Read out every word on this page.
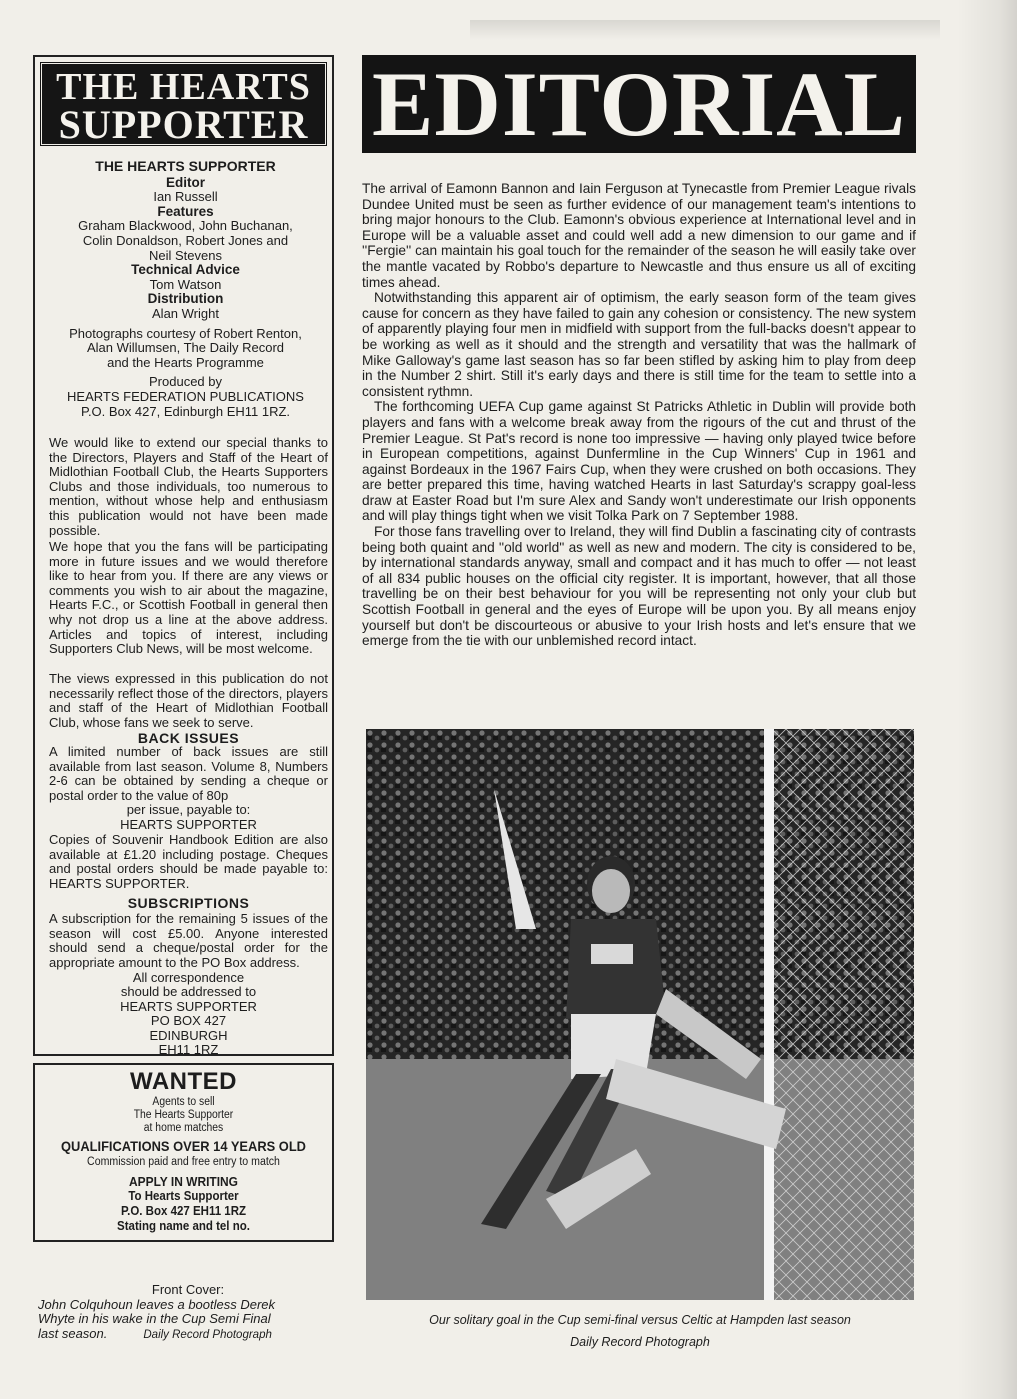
THE HEARTS
SUPPORTER
THE HEARTS SUPPORTER
Editor
Ian Russell
Features
Graham Blackwood, John Buchanan,
Colin Donaldson, Robert Jones and
Neil Stevens
Technical Advice
Tom Watson
Distribution
Alan Wright
Photographs courtesy of Robert Renton,
Alan Willumsen, The Daily Record
and the Hearts Programme
Produced by
HEARTS FEDERATION PUBLICATIONS
P.O. Box 427, Edinburgh EH11 1RZ.
We would like to extend our special thanks to the Directors, Players and Staff of the Heart of Midlothian Football Club, the Hearts Supporters Clubs and those individuals, too numerous to mention, without whose help and enthusiasm this publication would not have been made possible.
We hope that you the fans will be participating more in future issues and we would therefore like to hear from you. If there are any views or comments you wish to air about the magazine, Hearts F.C., or Scottish Football in general then why not drop us a line at the above address. Articles and topics of interest, including Supporters Club News, will be most welcome.
The views expressed in this publication do not necessarily reflect those of the directors, players and staff of the Heart of Midlothian Football Club, whose fans we seek to serve.
BACK ISSUES
A limited number of back issues are still available from last season. Volume 8, Numbers 2-6 can be obtained by sending a cheque or postal order to the value of 80p
per issue, payable to:
HEARTS SUPPORTER
Copies of Souvenir Handbook Edition are also available at £1.20 including postage. Cheques and postal orders should be made payable to: HEARTS SUPPORTER.
SUBSCRIPTIONS
A subscription for the remaining 5 issues of the season will cost £5.00. Anyone interested should send a cheque/postal order for the appropriate amount to the PO Box address.
All correspondence
should be addressed to
HEARTS SUPPORTER
PO BOX 427
EDINBURGH
EH11 1RZ
WANTED
Agents to sell
The Hearts Supporter
at home matches
QUALIFICATIONS OVER 14 YEARS OLD
Commission paid and free entry to match
APPLY IN WRITING
To Hearts Supporter
P.O. Box 427 EH11 1RZ
Stating name and tel no.
Front Cover:
John Colquhoun leaves a bootless Derek
Whyte in his wake in the Cup Semi Final
last season.	Daily Record Photograph
EDITORIAL

The arrival of Eamonn Bannon and Iain Ferguson at Tynecastle from Premier League rivals Dundee United must be seen as further evidence of our management team's intentions to bring major honours to the Club. Eamonn's obvious experience at International level and in Europe will be a valuable asset and could well add a new dimension to our game and if ''Fergie'' can maintain his goal touch for the remainder of the season he will easily take over the mantle vacated by Robbo's departure to Newcastle and thus ensure us all of exciting times ahead.

Notwithstanding this apparent air of optimism, the early season form of the team gives cause for concern as they have failed to gain any cohesion or consistency. The new system of apparently playing four men in midfield with support from the full-backs doesn't appear to be working as well as it should and the strength and versatility that was the hallmark of Mike Galloway's game last season has so far been stifled by asking him to play from deep in the Number 2 shirt. Still it's early days and there is still time for the team to settle into a consistent rythmn.

The forthcoming UEFA Cup game against St Patricks Athletic in Dublin will provide both players and fans with a welcome break away from the rigours of the cut and thrust of the Premier League. St Pat's record is none too impressive — having only played twice before in European competitions, against Dunfermline in the Cup Winners' Cup in 1961 and against Bordeaux in the 1967 Fairs Cup, when they were crushed on both occasions. They are better prepared this time, having watched Hearts in last Saturday's scrappy goal-less draw at Easter Road but I'm sure Alex and Sandy won't underestimate our Irish opponents and will play things tight when we visit Tolka Park on 7 September 1988.

For those fans travelling over to Ireland, they will find Dublin a fascinating city of contrasts being both quaint and ''old world'' as well as new and modern. The city is considered to be, by international standards anyway, small and compact and it has much to offer — not least of all 834 public houses on the official city register. It is important, however, that all those travelling be on their best behaviour for you will be representing not only your club but Scottish Football in general and the eyes of Europe will be upon you. By all means enjoy yourself but don't be discourteous or abusive to your Irish hosts and let's ensure that we emerge from the tie with our unblemished record intact.

Our solitary goal in the Cup semi-final versus Celtic at Hampden last season
Daily Record Photograph
